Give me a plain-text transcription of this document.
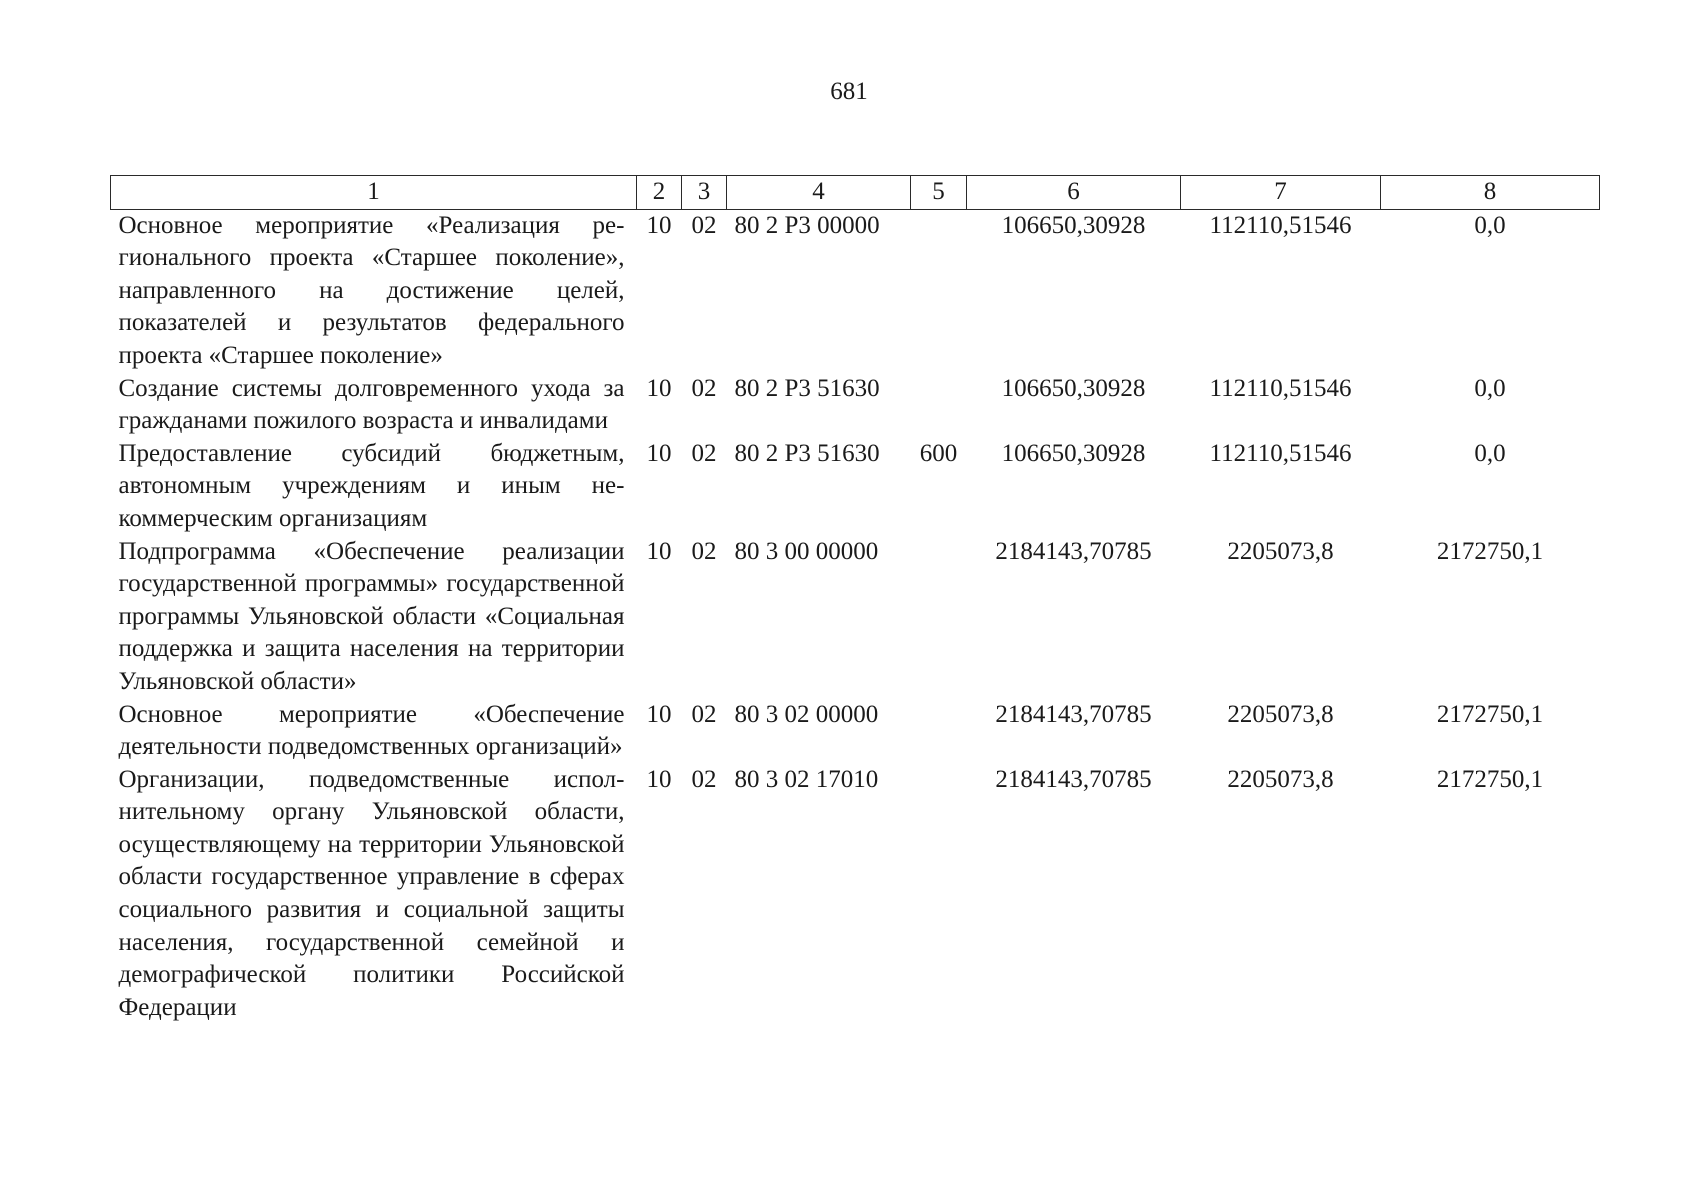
681
1	2	3	4	5	6	7	8
Основное мероприятие «Реализация регионального проекта «Старшее поколение», направленного на достижение целей, показателей и результатов федерального проекта «Старшее поколение»	10	02	80 2 P3 00000		106650,30928	112110,51546	0,0
Создание системы долговременного ухода за гражданами пожилого возраста и инвалидами	10	02	80 2 P3 51630		106650,30928	112110,51546	0,0
Предоставление субсидий бюджетным, автономным учреждениям и иным некоммерческим организациям	10	02	80 2 P3 51630	600	106650,30928	112110,51546	0,0
Подпрограмма «Обеспечение реализации государственной программы» государственной программы Ульяновской области «Социальная поддержка и защита населения на территории Ульяновской области»	10	02	80 3 00 00000		2184143,70785	2205073,8	2172750,1
Основное мероприятие «Обеспечение деятельности подведомственных организаций»	10	02	80 3 02 00000		2184143,70785	2205073,8	2172750,1
Организации, подведомственные исполнительному органу Ульяновской области, осуществляющему на территории Ульяновской области государственное управление в сферах социального развития и социальной защиты населения, государственной семейной и демографической политики Российской Федерации	10	02	80 3 02 17010		2184143,70785	2205073,8	2172750,1
